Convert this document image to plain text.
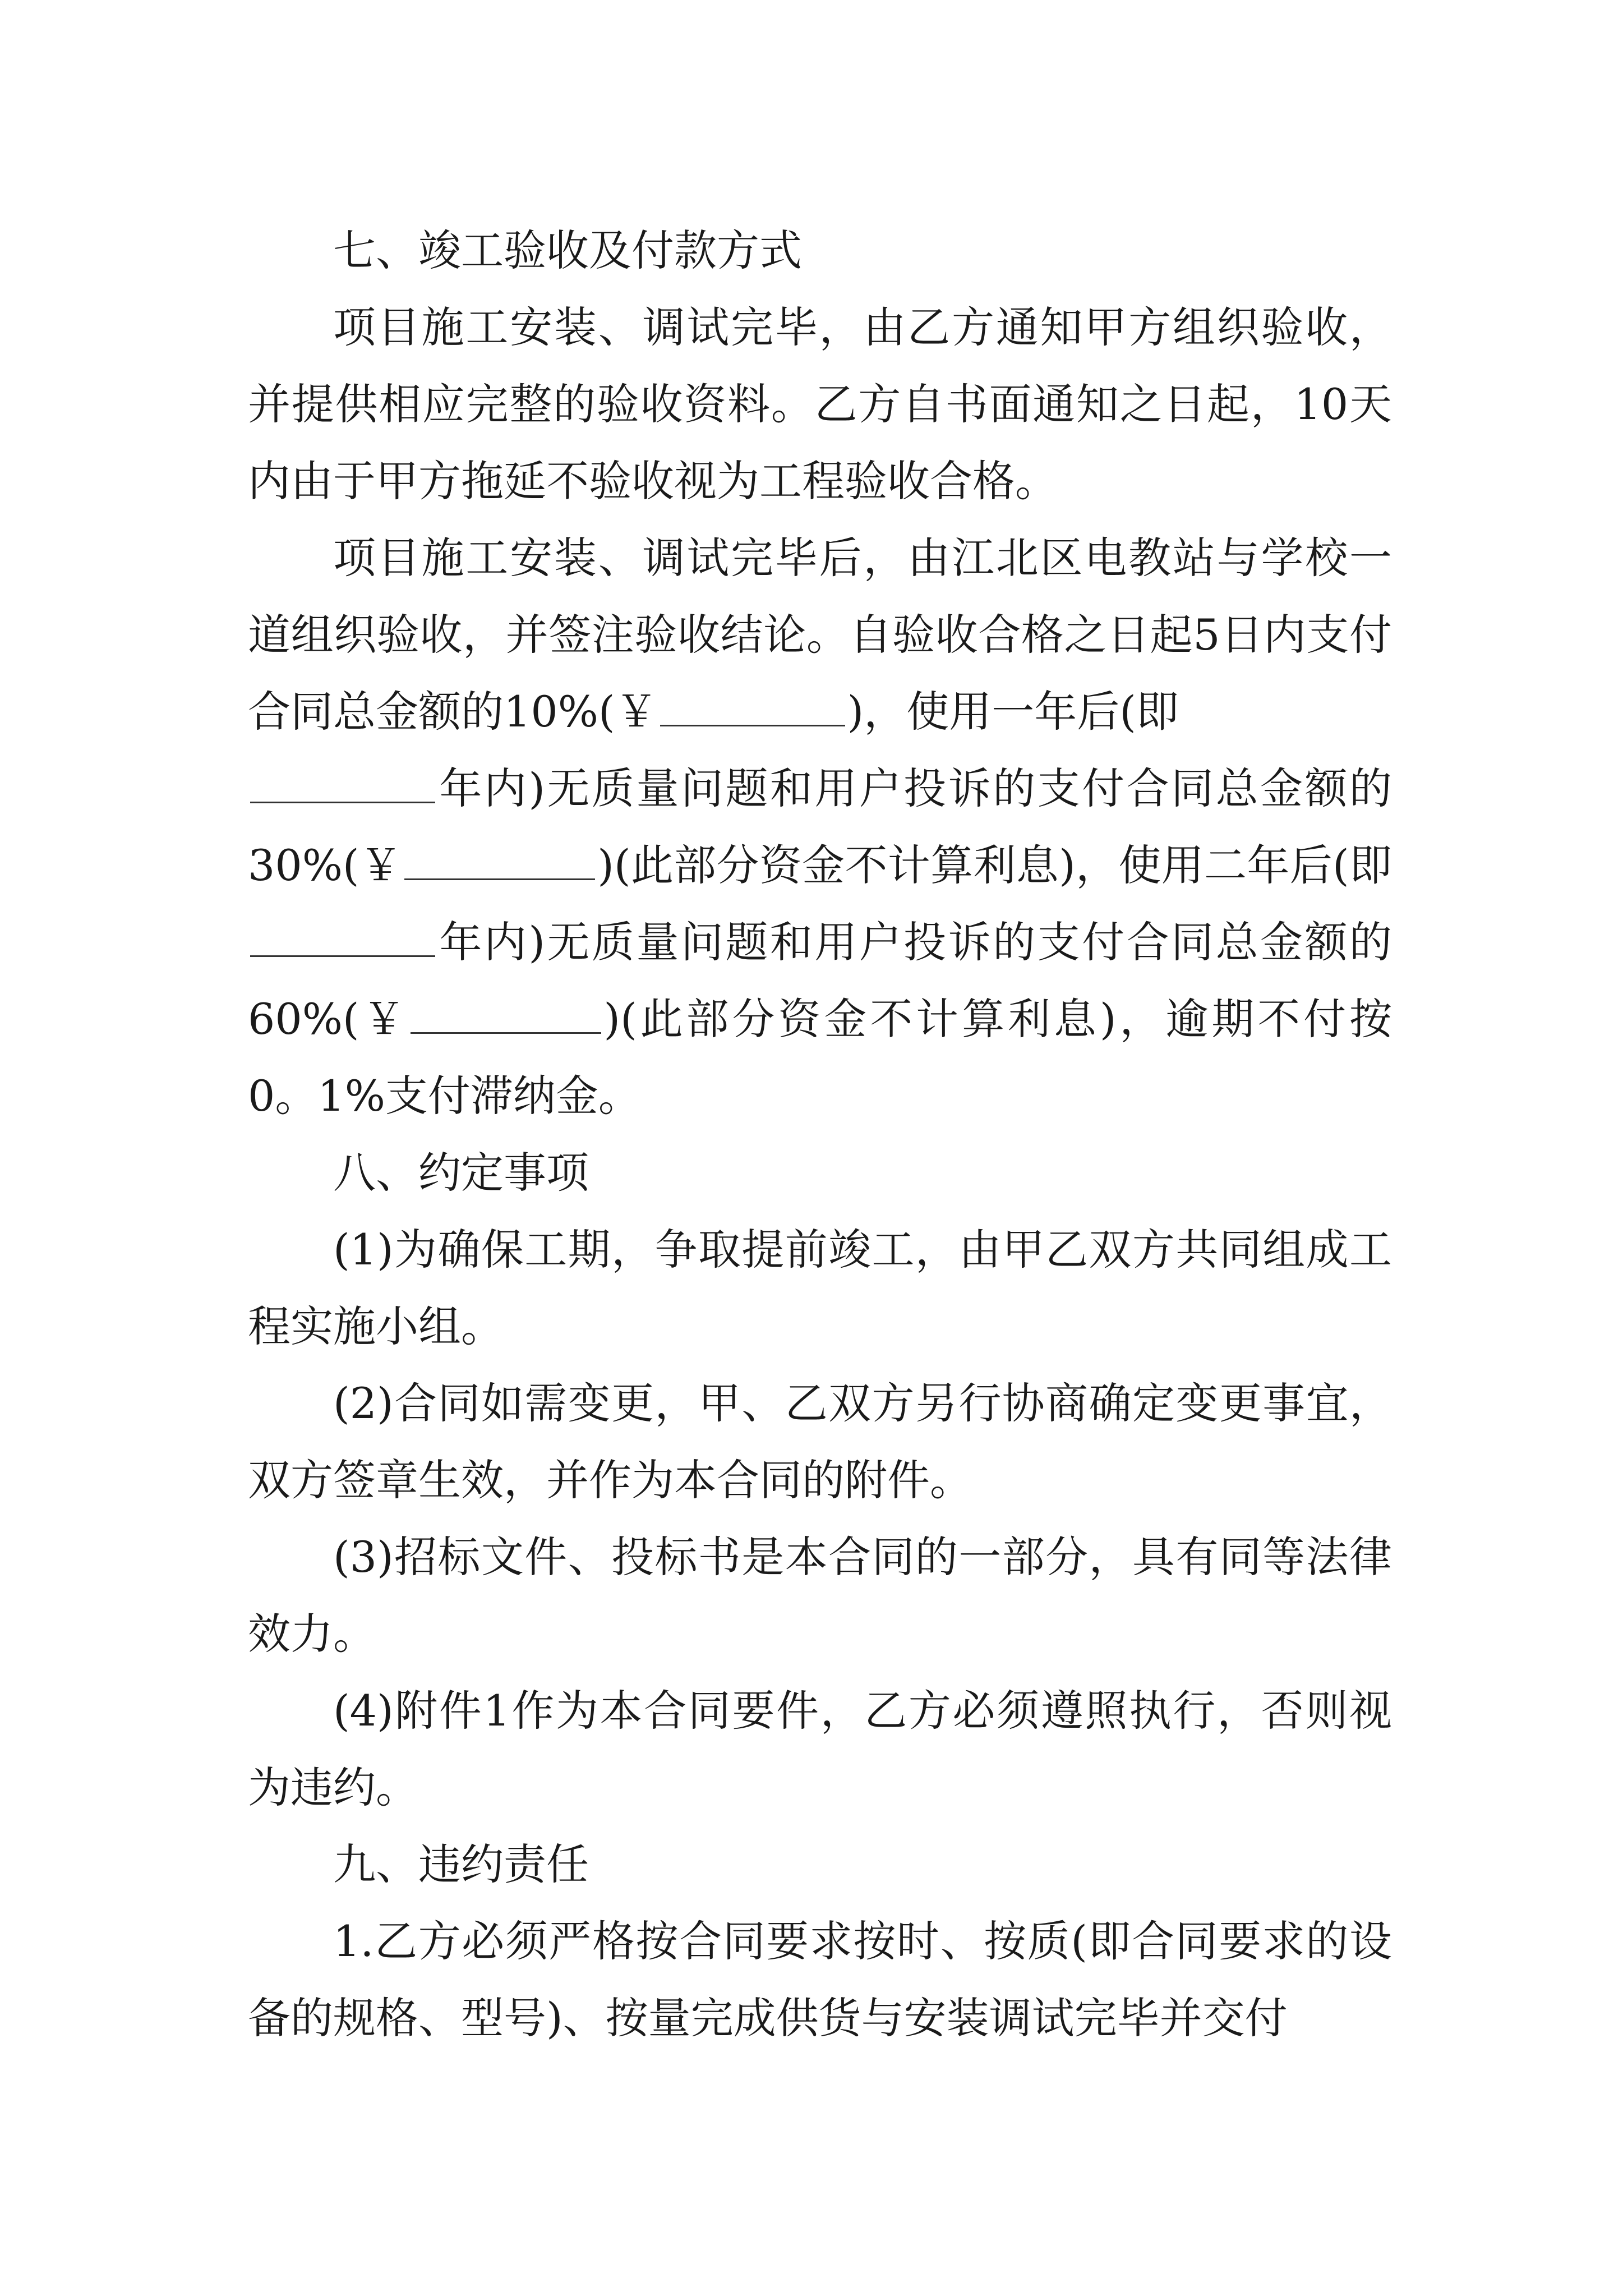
七、竣工验收及付款方式

项目施工安装、调试完毕，由乙方通知甲方组织验收，并提供相应完整的验收资料。乙方自书面通知之日起，10天内由于甲方拖延不验收视为工程验收合格。

项目施工安装、调试完毕后，由江北区电教站与学校一道组织验收，并签注验收结论。自验收合格之日起5日内支付合同总金额的10%(￥	)，使用一年后(即
年内)无质量问题和用户投诉的支付合同总金额的30%(￥	)(此部分资金不计算利息)，使用二年后(即年内)无质量问题和用户投诉的支付合同总金额的60%(￥	)(此部分资金不计算利息)，逾期不付按0。1%支付滞纳金。

八、约定事项

(1)为确保工期，争取提前竣工，由甲乙双方共同组成工程实施小组。

(2)合同如需变更，甲、乙双方另行协商确定变更事宜，双方签章生效，并作为本合同的附件。

(3)招标文件、投标书是本合同的一部分，具有同等法律效力。

(4)附件1作为本合同要件，乙方必须遵照执行，否则视为违约。

九、违约责任

1.乙方必须严格按合同要求按时、按质(即合同要求的设备的规格、型号)、按量完成供货与安装调试完毕并交付
